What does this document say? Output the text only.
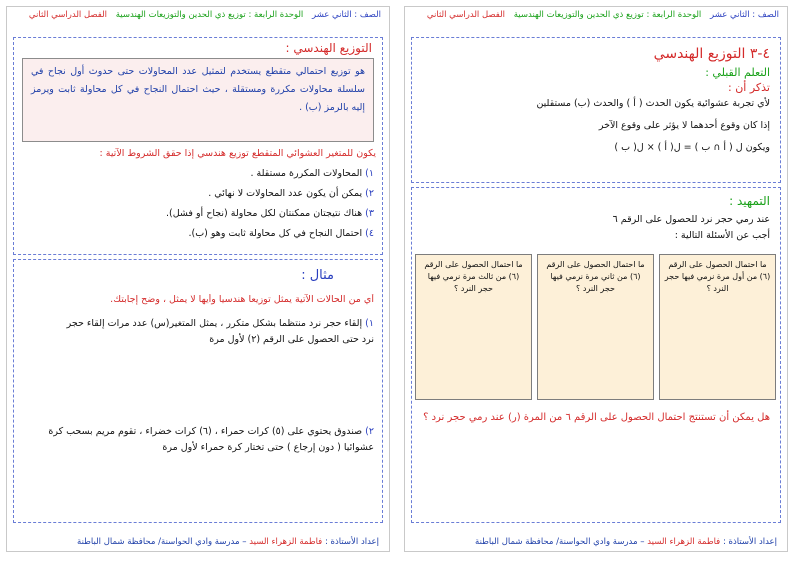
الصف : الثاني عشر الوحدة الرابعة : توزيع ذي الحدين والتوزيعات الهندسية الفصل الدراسي الثاني
٤-٣ التوزيع الهندسي
التعلم القبلي :
تذكر أن :
لأي تجربة عشوائية يكون الحدث ( أ ) والحدث (ب) مستقلين
إذا كان وقوع أحدهما لا يؤثر على وقوع الآخر
ويكون ل ( أ ∩ ب ) = ل( أ ) × ل( ب )
التمهيد :
عند رمي حجر نرد للحصول على الرقم ٦
أجب عن الأسئلة التالية :
ما احتمال الحصول على الرقم (٦) من أول مرة نرمي فيها حجر النرد ؟
ما احتمال الحصول على الرقم (٦) من ثاني مرة نرمي فيها حجر النرد ؟
ما احتمال الحصول على الرقم (٦) من ثالث مرة نرمي فيها حجر النرد ؟
هل يمكن أن تستنتج احتمال الحصول على الرقم ٦ من المرة (ر) عند رمي حجر نرد ؟
إعداد الأستاذة : فاطمة الزهراء السيد – مدرسة وادي الحواسنة/ محافظة شمال الباطنة
الصف : الثاني عشر الوحدة الرابعة : توزيع ذي الحدين والتوزيعات الهندسية الفصل الدراسي الثاني
التوزيع الهندسي :
هو توزيع احتمالي متقطع يستخدم لتمثيل عدد المحاولات حتى حدوث أول نجاح في سلسلة محاولات مكررة ومستقلة ، حيث احتمال النجاح في كل محاولة ثابت ويرمز إليه بالرمز (ب) .
يكون للمتغير العشوائي المتقطع توزيع هندسي إذا حقق الشروط الآتية :
١) المحاولات المكررة مستقلة .
٢) يمكن أن يكون عدد المحاولات لا نهائي .
٣) هناك نتيجتان ممكنتان لكل محاولة (نجاح أو فشل).
٤) احتمال النجاح في كل محاولة ثابت وهو (ب).
مثال :
أي من الحالات الآتية يمثل توزيعا هندسيا وأيها لا يمثل ، وضح إجابتك.
١) إلقاء حجر نرد منتظما بشكل متكرر ، يمثل المتغير(س) عدد مرات إلقاء حجر نرد حتى الحصول على الرقم (٢) لأول مرة
٢) صندوق يحتوي على (٥) كرات حمراء ، (٦) كرات خضراء ، تقوم مريم بسحب كرة عشوائيا ( دون إرجاع ) حتى تختار كرة حمراء لأول مرة
إعداد الأستاذة : فاطمة الزهراء السيد – مدرسة وادي الحواسنة/ محافظة شمال الباطنة
